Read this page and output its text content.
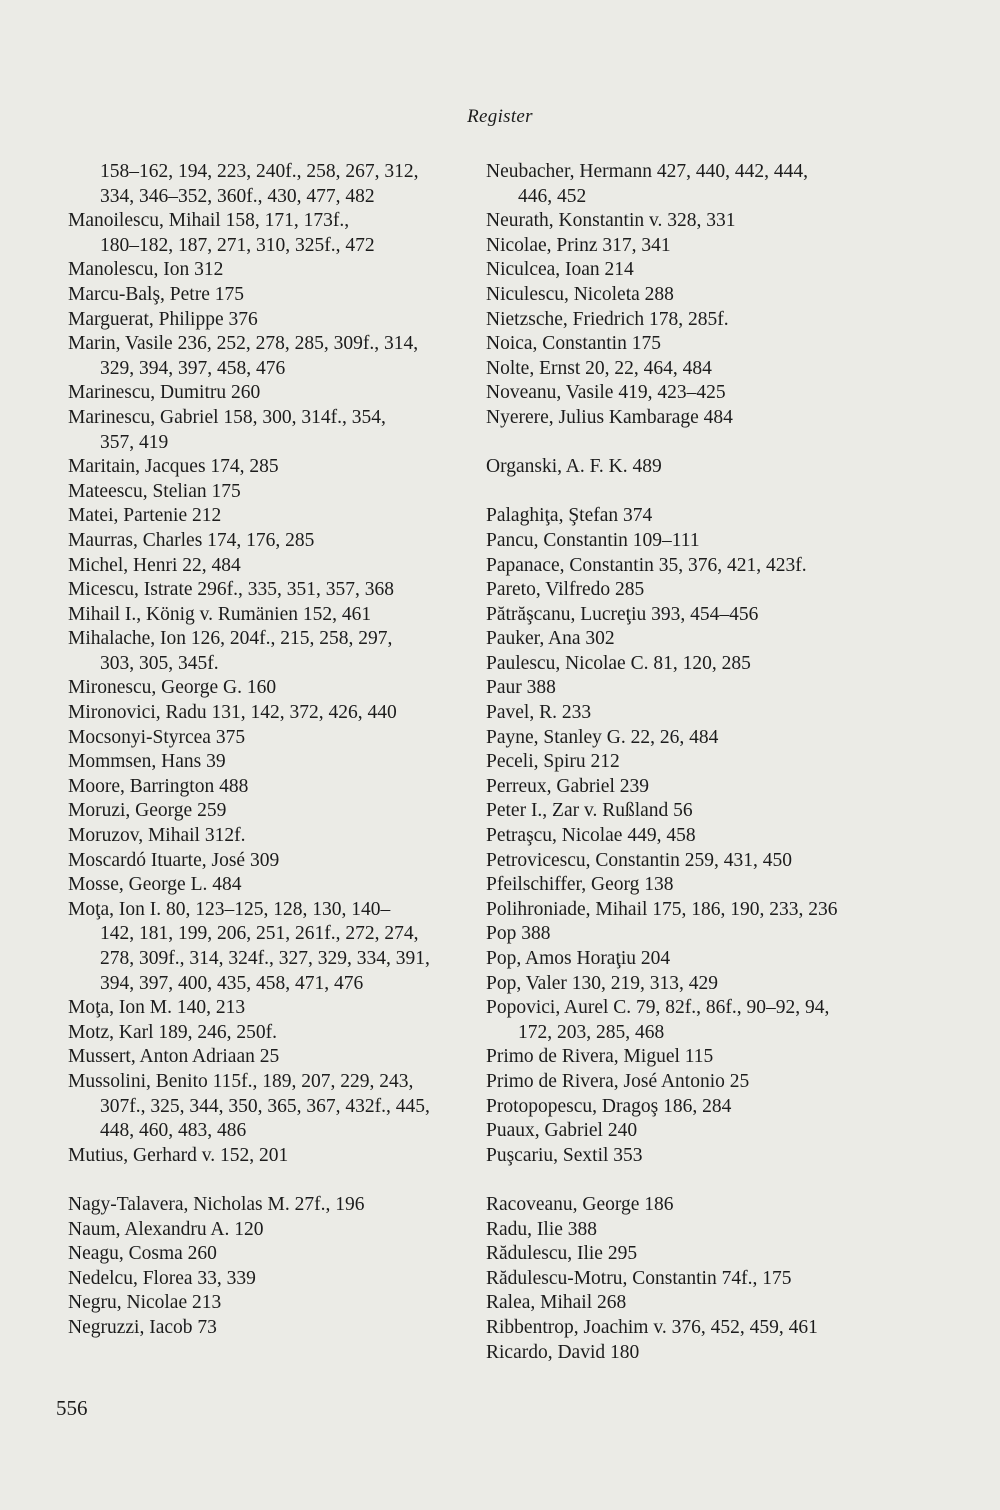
Register
158–162, 194, 223, 240f., 258, 267, 312,
334, 346–352, 360f., 430, 477, 482
Manoilescu, Mihail 158, 171, 173f.,
180–182, 187, 271, 310, 325f., 472
Manolescu, Ion 312
Marcu-Balş, Petre 175
Marguerat, Philippe 376
Marin, Vasile 236, 252, 278, 285, 309f., 314,
329, 394, 397, 458, 476
Marinescu, Dumitru 260
Marinescu, Gabriel 158, 300, 314f., 354,
357, 419
Maritain, Jacques 174, 285
Mateescu, Stelian 175
Matei, Partenie 212
Maurras, Charles 174, 176, 285
Michel, Henri 22, 484
Micescu, Istrate 296f., 335, 351, 357, 368
Mihail I., König v. Rumänien 152, 461
Mihalache, Ion 126, 204f., 215, 258, 297,
303, 305, 345f.
Mironescu, George G. 160
Mironovici, Radu 131, 142, 372, 426, 440
Mocsonyi-Styrcea 375
Mommsen, Hans 39
Moore, Barrington 488
Moruzi, George 259
Moruzov, Mihail 312f.
Moscardó Ituarte, José 309
Mosse, George L. 484
Moţa, Ion I. 80, 123–125, 128, 130, 140–
142, 181, 199, 206, 251, 261f., 272, 274,
278, 309f., 314, 324f., 327, 329, 334, 391,
394, 397, 400, 435, 458, 471, 476
Moţa, Ion M. 140, 213
Motz, Karl 189, 246, 250f.
Mussert, Anton Adriaan 25
Mussolini, Benito 115f., 189, 207, 229, 243,
307f., 325, 344, 350, 365, 367, 432f., 445,
448, 460, 483, 486
Mutius, Gerhard v. 152, 201
Nagy-Talavera, Nicholas M. 27f., 196
Naum, Alexandru A. 120
Neagu, Cosma 260
Nedelcu, Florea 33, 339
Negru, Nicolae 213
Negruzzi, Iacob 73
Neubacher, Hermann 427, 440, 442, 444,
446, 452
Neurath, Konstantin v. 328, 331
Nicolae, Prinz 317, 341
Niculcea, Ioan 214
Niculescu, Nicoleta 288
Nietzsche, Friedrich 178, 285f.
Noica, Constantin 175
Nolte, Ernst 20, 22, 464, 484
Noveanu, Vasile 419, 423–425
Nyerere, Julius Kambarage 484
Organski, A. F. K. 489
Palaghiţa, Ştefan 374
Pancu, Constantin 109–111
Papanace, Constantin 35, 376, 421, 423f.
Pareto, Vilfredo 285
Pătrăşcanu, Lucreţiu 393, 454–456
Pauker, Ana 302
Paulescu, Nicolae C. 81, 120, 285
Paur 388
Pavel, R. 233
Payne, Stanley G. 22, 26, 484
Peceli, Spiru 212
Perreux, Gabriel 239
Peter I., Zar v. Rußland 56
Petraşcu, Nicolae 449, 458
Petrovicescu, Constantin 259, 431, 450
Pfeilschiffer, Georg 138
Polihroniade, Mihail 175, 186, 190, 233, 236
Pop 388
Pop, Amos Horaţiu 204
Pop, Valer 130, 219, 313, 429
Popovici, Aurel C. 79, 82f., 86f., 90–92, 94,
172, 203, 285, 468
Primo de Rivera, Miguel 115
Primo de Rivera, José Antonio 25
Protopopescu, Dragoş 186, 284
Puaux, Gabriel 240
Puşcariu, Sextil 353
Racoveanu, George 186
Radu, Ilie 388
Rădulescu, Ilie 295
Rădulescu-Motru, Constantin 74f., 175
Ralea, Mihail 268
Ribbentrop, Joachim v. 376, 452, 459, 461
Ricardo, David 180
556
